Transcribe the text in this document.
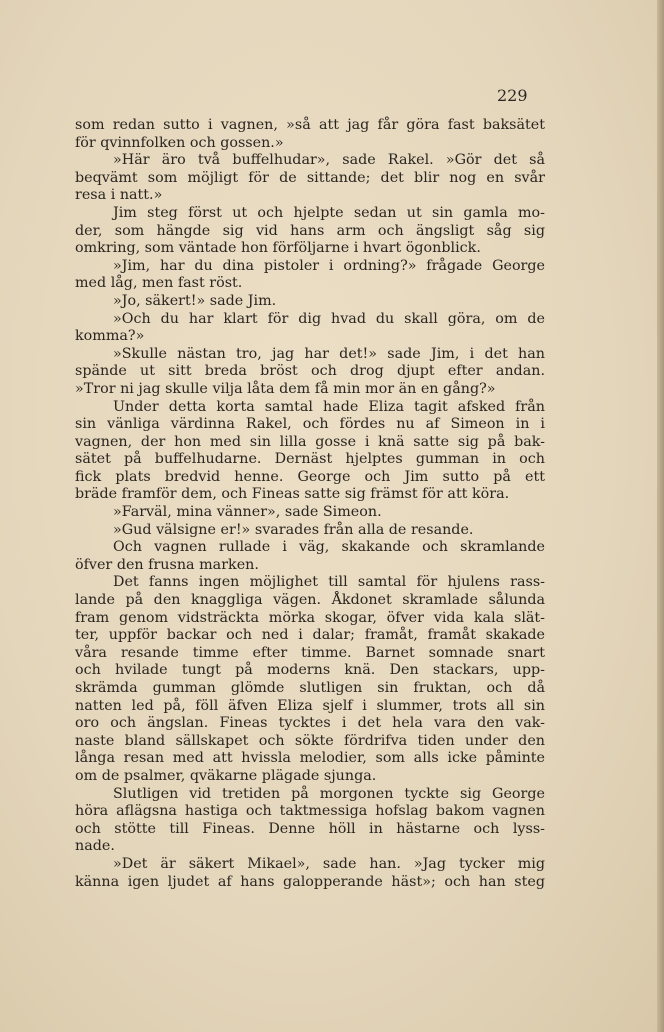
229

som redan sutto i vagnen, »så att jag får göra fast baksätet
för qvinnfolken och gossen.»
»Här äro två buffelhudar», sade Rakel. »Gör det så
beqvämt som möjligt för de sittande; det blir nog en svår
resa i natt.»
Jim steg först ut och hjelpte sedan ut sin gamla mo-
der, som hängde sig vid hans arm och ängsligt såg sig
omkring, som väntade hon förföljarne i hvart ögonblick.
»Jim, har du dina pistoler i ordning?» frågade George
med låg, men fast röst.
»Jo, säkert!» sade Jim.
»Och du har klart för dig hvad du skall göra, om de
komma?»
»Skulle nästan tro, jag har det!» sade Jim, i det han
spände ut sitt breda bröst och drog djupt efter andan.
»Tror ni jag skulle vilja låta dem få min mor än en gång?»
Under detta korta samtal hade Eliza tagit afsked från
sin vänliga värdinna Rakel, och fördes nu af Simeon in i
vagnen, der hon med sin lilla gosse i knä satte sig på bak-
sätet på buffelhudarne. Dernäst hjelptes gumman in och
fick plats bredvid henne. George och Jim sutto på ett
bräde framför dem, och Fineas satte sig främst för att köra.
»Farväl, mina vänner», sade Simeon.
»Gud välsigne er!» svarades från alla de resande.
Och vagnen rullade i väg, skakande och skramlande
öfver den frusna marken.
Det fanns ingen möjlighet till samtal för hjulens rass-
lande på den knaggliga vägen. Åkdonet skramlade sålunda
fram genom vidsträckta mörka skogar, öfver vida kala slät-
ter, uppför backar och ned i dalar; framåt, framåt skakade
våra resande timme efter timme. Barnet somnade snart
och hvilade tungt på moderns knä. Den stackars, upp-
skrämda gumman glömde slutligen sin fruktan, och då
natten led på, föll äfven Eliza sjelf i slummer, trots all sin
oro och ängslan. Fineas tycktes i det hela vara den vak-
naste bland sällskapet och sökte fördrifva tiden under den
långa resan med att hvissla melodier, som alls icke påminte
om de psalmer, qväkarne plägade sjunga.
Slutligen vid tretiden på morgonen tyckte sig George
höra aflägsna hastiga och taktmessiga hofslag bakom vagnen
och stötte till Fineas. Denne höll in hästarne och lyss-
nade.
»Det är säkert Mikael», sade han. »Jag tycker mig
känna igen ljudet af hans galopperande häst»; och han steg
